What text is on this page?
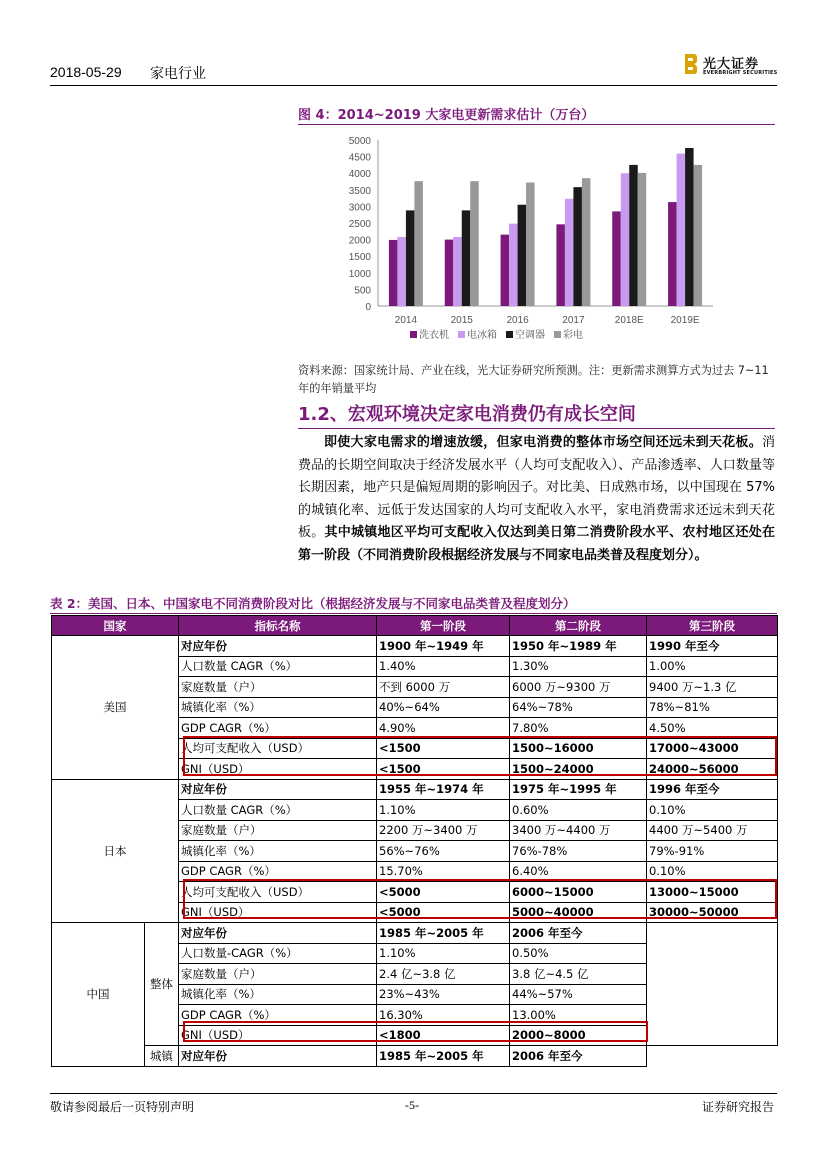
2018-05-29 家电行业
光大证券
EVERBRIGHT SECURITIES
图 4：2014~2019 大家电更新需求估计（万台）
0
500
1000
1500
2000
2500
3000
3500
4000
4500
5000
2014	2015	2016	2017	2018E	2019E
洗衣机 电冰箱 空调器 彩电
资料来源：国家统计局、产业在线，光大证券研究所预测。注：更新需求测算方式为过去 7~11 年的年销量平均
1.2、宏观环境决定家电消费仍有成长空间
即使大家电需求的增速放缓，但家电消费的整体市场空间还远未到天花板。消费品的长期空间取决于经济发展水平（人均可支配收入）、产品渗透率、人口数量等长期因素，地产只是偏短周期的影响因子。对比美、日成熟市场，以中国现在 57%的城镇化率、远低于发达国家的人均可支配收入水平，家电消费需求还远未到天花板。其中城镇地区平均可支配收入仅达到美日第二消费阶段水平、农村地区还处在第一阶段（不同消费阶段根据经济发展与不同家电品类普及程度划分）。
表 2：美国、日本、中国家电不同消费阶段对比（根据经济发展与不同家电品类普及程度划分）
国家		指标名称	第一阶段	第二阶段	第三阶段
美国		对应年份	1900 年~1949 年	1950 年~1989 年	1990 年至今
		人口数量 CAGR（%）	1.40%	1.30%	1.00%
		家庭数量（户）	不到 6000 万	6000 万~9300 万	9400 万~1.3 亿
		城镇化率（%）	40%~64%	64%~78%	78%~81%
		GDP CAGR（%）	4.90%	7.80%	4.50%
		人均可支配收入（USD）	<1500	1500~16000	17000~43000
		GNI（USD）	<1500	1500~24000	24000~56000
日本		对应年份	1955 年~1974 年	1975 年~1995 年	1996 年至今
		人口数量 CAGR（%）	1.10%	0.60%	0.10%
		家庭数量（户）	2200 万~3400 万	3400 万~4400 万	4400 万~5400 万
		城镇化率（%）	56%~76%	76%-78%	79%-91%
		GDP CAGR（%）	15.70%	6.40%	0.10%
		人均可支配收入（USD）	<5000	6000~15000	13000~15000
		GNI（USD）	<5000	5000~40000	30000~50000
中国	整体	对应年份	1985 年~2005 年	2006 年至今	
		人口数量-CAGR（%）	1.10%	0.50%	
		家庭数量（户）	2.4 亿~3.8 亿	3.8 亿~4.5 亿	
		城镇化率（%）	23%~43%	44%~57%	
		GDP CAGR（%）	16.30%	13.00%	
		GNI（USD）	<1800	2000~8000	
	城镇	对应年份	1985 年~2005 年	2006 年至今	
敬请参阅最后一页特别声明	-5-	证券研究报告
